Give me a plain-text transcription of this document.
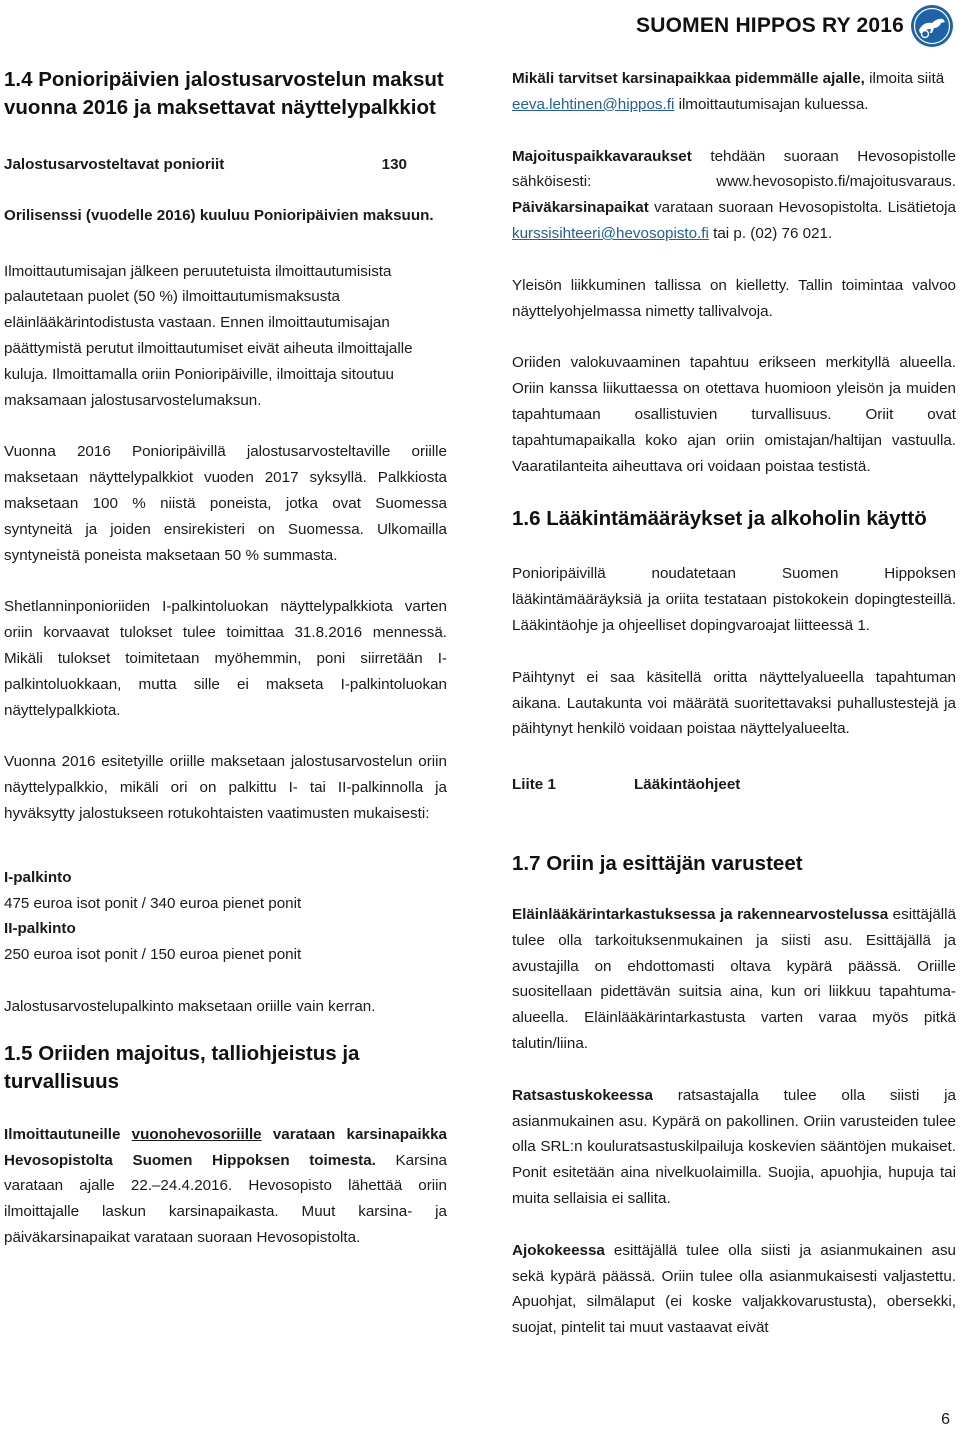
SUOMEN HIPPOS RY 2016
1.4 Ponioripäivien jalostusarvostelun maksut vuonna 2016 ja maksettavat näyttelypalkkiot
Jalostusarvosteltavat ponioriit	130

Orilisenssi (vuodelle 2016) kuuluu Ponioripäivien maksuun.

Ilmoittautumisajan jälkeen peruutetuista ilmoittautumisista palautetaan puolet (50 %) ilmoittautumismaksusta eläinlääkärintodistusta vastaan. Ennen ilmoittautumisajan päättymistä perutut ilmoittautumiset eivät aiheuta ilmoittajalle kuluja. Ilmoittamalla oriin Ponioripäiville, ilmoittaja sitoutuu maksamaan jalostusarvostelumaksun.

Vuonna 2016 Ponioripäivillä jalostusarvosteltaville oriille maksetaan näyttelypalkkiot vuoden 2017 syksyllä. Palkkiosta maksetaan 100 % niistä poneista, jotka ovat Suomessa syntyneitä ja joiden ensirekisteri on Suomessa. Ulkomailla syntyneistä poneista maksetaan 50 % summasta.

Shetlanninponioriiden I-palkintoluokan näyttelypalkkiota varten oriin korvaavat tulokset tulee toimittaa 31.8.2016 mennessä. Mikäli tulokset toimitetaan myöhemmin, poni siirretään I-palkintoluokkaan, mutta sille ei makseta I-palkintoluokan näyttelypalkkiota.

Vuonna 2016 esitetyille oriille maksetaan jalostusarvostelun oriin näyttelypalkkio, mikäli ori on palkittu I- tai II-palkinnolla ja hyväksytty jalostukseen rotukohtaisten vaatimusten mukaisesti:

I-palkinto
475 euroa isot ponit / 340 euroa pienet ponit
II-palkinto

250 euroa isot ponit / 150 euroa pienet ponit

Jalostusarvostelupalkinto maksetaan oriille vain kerran.

1.5 Oriiden majoitus, talliohjeistus ja turvallisuus

Ilmoittautuneille vuonohevosoriille varataan karsinapaikka Hevosopistolta Suomen Hippoksen toimesta. Karsina varataan ajalle 22.–24.4.2016. Hevosopisto lähettää oriin ilmoittajalle laskun karsinapaikasta. Muut karsina- ja päiväkarsinapaikat varataan suoraan Hevosopistolta.

Mikäli tarvitset karsinapaikkaa pidemmälle ajalle, ilmoita siitä eeva.lehtinen@hippos.fi ilmoittautumisajan kuluessa.

Majoituspaikkavaraukset tehdään suoraan Hevosopistolle sähköisesti: www.hevosopisto.fi/majoitusvaraus. Päiväkarsinapaikat varataan suoraan Hevosopistolta. Lisätietoja kurssisihteeri@hevosopisto.fi tai p. (02) 76 021.

Yleisön liikkuminen tallissa on kielletty. Tallin toimintaa valvoo näyttelyohjelmassa nimetty tallivalvoja.

Oriiden valokuvaaminen tapahtuu erikseen merkityllä alueella. Oriin kanssa liikuttaessa on otettava huomioon yleisön ja muiden tapahtumaan osallistuvien turvallisuus. Oriit ovat tapahtumapaikalla koko ajan oriin omistajan/haltijan vastuulla. Vaaratilanteita aiheuttava ori voidaan poistaa testistä.

1.6 Lääkintämääräykset ja alkoholin käyttö

Ponioripäivillä noudatetaan Suomen Hippoksen lääkintämääräyksiä ja oriita testataan pistokokein dopingtesteillä. Lääkintäohje ja ohjeelliset dopingvaroajat liitteessä 1.

Päihtynyt ei saa käsitellä oritta näyttelyalueella tapahtuman aikana. Lautakunta voi määrätä suoritettavaksi puhallustestejä ja päihtynyt henkilö voidaan poistaa näyttelyalueelta.

Liite 1	Lääkintäohjeet
1.7 Oriin ja esittäjän varusteet

Eläinlääkärintarkastuksessa ja rakennearvostelussa esittäjällä tulee olla tarkoituksenmukainen ja siisti asu. Esittäjällä ja avustajilla on ehdottomasti oltava kypärä päässä. Oriille suositellaan pidettävän suitsia aina, kun ori liikkuu tapahtuma-alueella. Eläinlääkärintarkastusta varten varaa myös pitkä talutin/liina.

Ratsastuskokeessa ratsastajalla tulee olla siisti ja asianmukainen asu. Kypärä on pakollinen. Oriin varusteiden tulee olla SRL:n kouluratsastuskilpailuja koskevien sääntöjen mukaiset. Ponit esitetään aina nivelkuolaimilla. Suojia, apuohjia, hupuja tai muita sellaisia ei sallita.

Ajokokeessa esittäjällä tulee olla siisti ja asianmukainen asu sekä kypärä päässä. Oriin tulee olla asianmukaisesti valjastettu. Apuohjat, silmälaput (ei koske valjakkovarustusta), obersekki, suojat, pintelit tai muut vastaavat eivät

6
